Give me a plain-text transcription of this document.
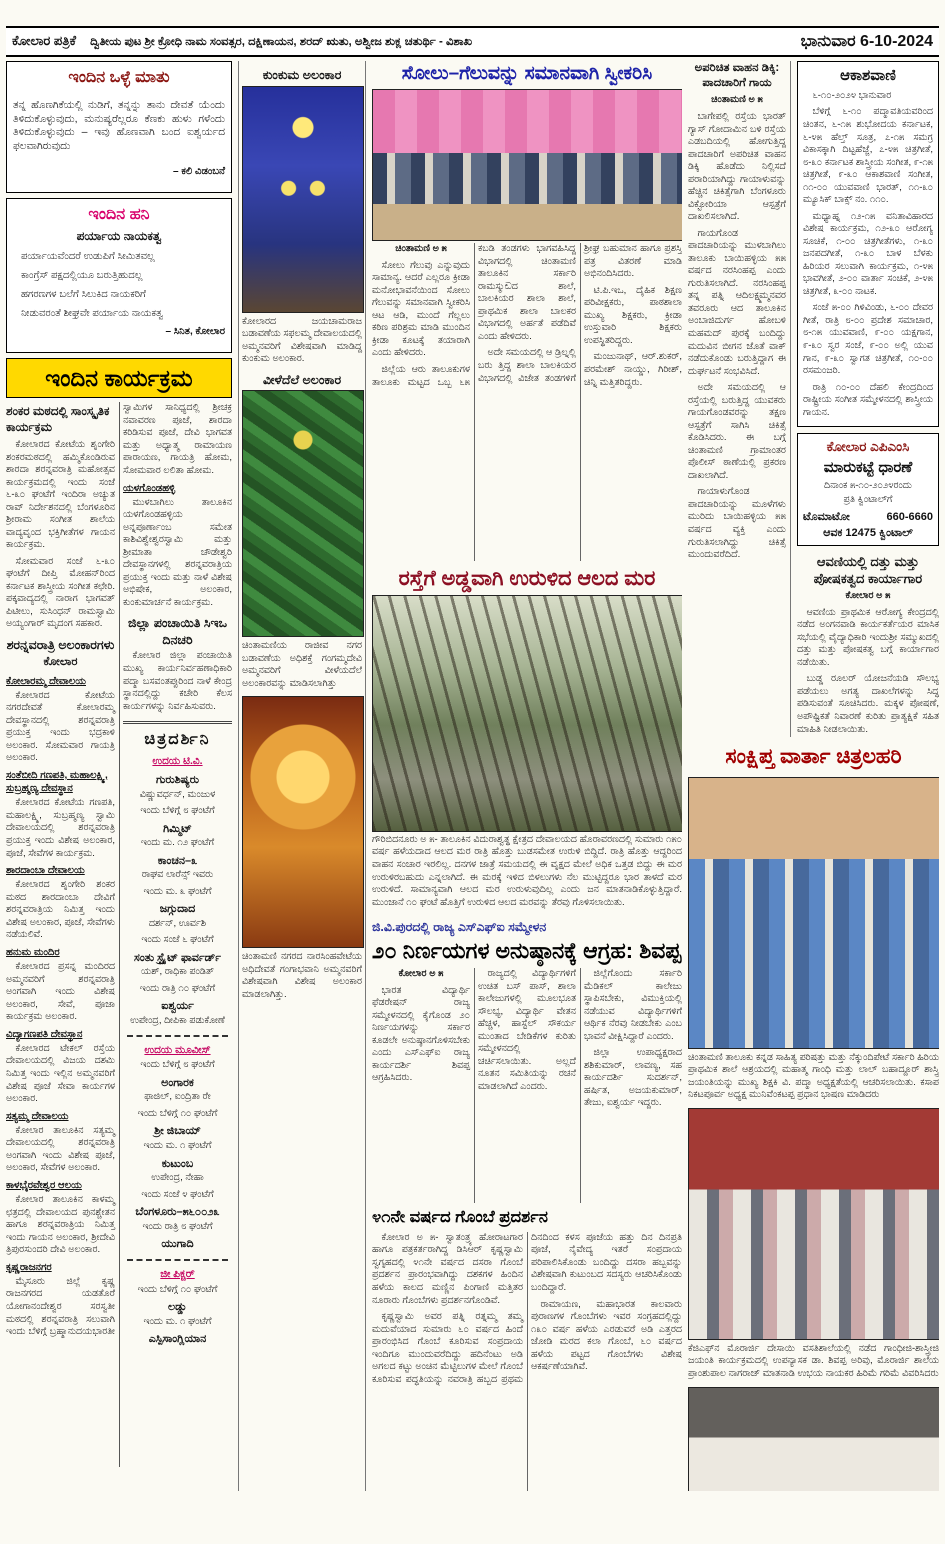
ಕೋಲಾರ ಪತ್ರಿಕೆ ದ್ವಿತೀಯ ಪುಟ ಶ್ರೀ ಕ್ರೋಧಿ ನಾಮ ಸಂವತ್ಸರ, ದಕ್ಷಿಣಾಯನ, ಶರದ್ ಋತು, ಅಶ್ವೀಜ ಶುಕ್ಲ ಚತುರ್ಥಿ - ವಿಶಾಖ	ಭಾನುವಾರ 6-10-2024
ಇಂದಿನ ಒಳ್ಳೆ ಮಾತು

ತನ್ನ ಹೊಣಗಿಕೆಯಲ್ಲಿ ನುಡಿಗೆ, ತನ್ನನ್ನು ತಾನು ದೇವತೆ ಯೆಂದು ತಿಳಿದುಕೊಳ್ಳುವುದು, ಮನುಷ್ಯರೆಲ್ಲರೂ ಕೆಣಕು ಹುಳು ಗಳೆಂದು ತಿಳಿದುಕೊಳ್ಳುವುದು – ಇವು ಹೊಣವಾಗಿ ಬಂದ ಐಶ್ವರ್ಯದ ಫಲವಾಗಿರುವುದು

– ಕಲಿ ವಿಡಂಬನೆ

ಇಂದಿನ ಹನಿ
ಪರ್ಯಾಯ ನಾಯಕತ್ವ
ಪರ್ಯಾಯವೆಂದರೆ ಉಡುಪಿಗೆ ಸೀಮಿತವಲ್ಲ
ಕಾಂಗ್ರೆಸ್ ಪಕ್ಷದಲ್ಲಿಯೂ ಬರುತ್ತಿಹುದಲ್ಲ
ಹಗರಣಗಳ ಬಲೆಗೆ ಸಿಲುಕಿದ ನಾಯಕರಿಗೆ
ನೀಡುವರಂತೆ ಶೀಘ್ರವೇ ಪರ್ಯಾಯ ನಾಯಕತ್ವ

– ಸಿನಿತ, ಕೋಲಾರ

ಇಂದಿನ ಕಾರ್ಯಕ್ರಮ
ಶಂಕರ ಮಠದಲ್ಲಿ ಸಾಂಸ್ಕೃತಿಕ ಕಾರ್ಯಕ್ರಮ
ಕೋಲಾರದ ಕೋಟೆಯ ಶೃಂಗೇರಿ ಶಂಕರಮಠದಲ್ಲಿ ಹಮ್ಮಿಕೊಂಡಿರುವ ಶಾರದಾ ಶರನ್ನವರಾತ್ರಿ ಮಹೋತ್ಸವ ಕಾರ್ಯಕ್ರಮದಲ್ಲಿ ಇಂದು ಸಂಜೆ ೬-೩೦ ಘಂಟೆಗೆ ಇಂದಿರಾ ಅಚ್ಯುತ ರಾವ್ ನಿರ್ದೇಶನದಲ್ಲಿ ಬೆಂಗಳೂರಿನ ಶ್ರೀರಾಮ ಸಂಗೀತ ಶಾಲೆಯ ವಾದ್ಯವೃಂದ ಭಕ್ತಿಗೀತೆಗಳ ಗಾಯನ ಕಾರ್ಯಕ್ರಮ.
ಸೋಮವಾರ ಸಂಜೆ ೬-೩೦ ಘಂಟೆಗೆ ದೀಪ್ತಿ ಮೋಹನ್‌ರಿಂದ ಕರ್ನಾಟಕ ಶಾಸ್ತ್ರೀಯ ಸಂಗೀತ ಕಛೇರಿ. ಪಕ್ಕವಾದ್ಯದಲ್ಲಿ ನಾರಾಗ ಭಾಗವತ್ ಪಿಟೀಲು, ಸುಸಿಂಧನ್ ರಾಮಸ್ವಾಮಿ ಅಯ್ಯಂಗಾರ್ ಮೃದಂಗ ಸಹಕಾರ.
ಶರನ್ನವರಾತ್ರಿ ಅಲಂಕಾರಗಳು
ಕೋಲಾರ
ಕೋಲಾರಮ್ಮ ದೇವಾಲಯ
ಕೋಲಾರದ ಕೋಟೆಯ ನಗರದೇವತೆ ಕೋಲಾರಮ್ಮ ದೇವಸ್ಥಾನದಲ್ಲಿ ಶರನ್ನವರಾತ್ರಿ ಪ್ರಯುಕ್ತ ಇಂದು ಭದ್ರಕಾಳಿ ಅಲಂಕಾರ. ಸೋಮವಾರ ಗಾಯತ್ರಿ ಅಲಂಕಾರ.
ಸಂತೆಬೀದಿ ಗಣಪತಿ, ಮಹಾಲಕ್ಷ್ಮಿ, ಸುಬ್ರಹ್ಮಣ್ಯ ದೇವಸ್ಥಾನ
ಕೋಲಾರದ ಕೋಟೆಯ ಗಣಪತಿ, ಮಹಾಲಕ್ಷ್ಮಿ, ಸುಬ್ರಹ್ಮಣ್ಯ ಸ್ವಾಮಿ ದೇವಾಲಯದಲ್ಲಿ ಶರನ್ನವರಾತ್ರಿ ಪ್ರಯುಕ್ತ ಇಂದು ವಿಶೇಷ ಅಲಂಕಾರ, ಪೂಜೆ, ಸೇವೆಗಳ ಕಾರ್ಯಕ್ರಮ.
ಶಾರದಾಂಬಾ ದೇವಾಲಯ
ಕೋಲಾರದ ಶೃಂಗೇರಿ ಶಂಕರ ಮಠದ ಶಾರದಾಂಬಾ ದೇವಿಗೆ ಶರನ್ನವರಾತ್ರಿಯ ನಿಮಿತ್ತ ಇಂದು ವಿಶೇಷ ಅಲಂಕಾರ, ಪೂಜೆ, ಸೇವೆಗಳು ನಡೆಯಲಿವೆ.
ಹನುಮ ಮಂದಿರ
ಕೋಲಾರದ ಪ್ರಸನ್ನ ಮಂದಿರದ ಅಮ್ಮನವರಿಗೆ ಶರನ್ನವರಾತ್ರಿ ಅಂಗವಾಗಿ ಇಂದು ವಿಶೇಷ ಅಲಂಕಾರ, ಸೇವೆ, ಪೂಜಾ ಕಾರ್ಯಕ್ರಮ ಅಲಂಕಾರ.
ವಿದ್ಯಾಗಣಪತಿ ದೇವಸ್ಥಾನ
ಕೋಲಾರದ ಟೇಕಲ್ ರಸ್ತೆಯ ದೇವಾಲಯದಲ್ಲಿ ವಿಜಯ ದಶಮಿ ನಿಮಿತ್ತ ಇಂದು ಇಲ್ಲಿನ ಅಮ್ಮನವರಿಗೆ ವಿಶೇಷ ಪೂಜೆ ಸೇವಾ ಕಾರ್ಯಗಳ ಅಲಂಕಾರ.
ಸತ್ಯಮ್ಮ ದೇವಾಲಯ
ಕೋಲಾರ ತಾಲೂಕಿನ ಸತ್ಯಮ್ಮ ದೇವಾಲಯದಲ್ಲಿ ಶರನ್ನವರಾತ್ರಿ ಅಂಗವಾಗಿ ಇಂದು ವಿಶೇಷ ಪೂಜೆ, ಅಲಂಕಾರ, ಸೇವೆಗಳ ಅಲಂಕಾರ.
ಕಾಳಭೈರವೇಶ್ವರ ಆಲಯ
ಕೋಲಾರ ತಾಲೂಕಿನ ಕಾಳಮ್ಮ ಛತ್ರದಲ್ಲಿ ದೇವಾಲಯದ ಪುನಶ್ಚೇತನ ಹಾಗೂ ಶರನ್ನವರಾತ್ರಿಯ ನಿಮಿತ್ತ ಇಂದು ಗಾಯನ ಅಲಂಕಾರ, ಶ್ರೀದೇವಿ ತ್ರಿಪುರಸುಂದರಿ ದೇವಿ ಅಲಂಕಾರ.
ಕೃಷ್ಣರಾಜನಗರ
ಮೈಸೂರು ಜಿಲ್ಲೆ ಕೃಷ್ಣ ರಾಜನಗರದ ಯಡತೊರೆ ಯೋಗಾನಂದೇಶ್ವರ ಸರಸ್ವತೀ ಮಠದಲ್ಲಿ ಶರನ್ನವರಾತ್ರಿ ಸಲುವಾಗಿ ಇಂದು ಬೆಳಿಗ್ಗೆ ಬ್ರಹ್ಮಾನುದಯಭಾರತೀ ಸ್ವಾಮಿಗಳ ಸಾನಿಧ್ಯದಲ್ಲಿ ಶ್ರೀಚಕ್ರ ನವಾವರಣ ಪೂಜೆ, ಶಾರದಾ ಕರಿಡಿಸುವ ಪೂಜೆ, ದೇವಿ ಭಾಗವತ ಮತ್ತು ಅಧ್ಯಾತ್ಮ ರಾಮಾಯಣ ಪಾರಾಯಣ, ಗಾಯತ್ರಿ ಹೋಮ, ಸೋಮವಾರ ಲಲಿತಾ ಹೋಮ.
ಯಳಗೊಂಡಹಳ್ಳಿ
ಮುಳಬಾಗಿಲು ತಾಲೂಕಿನ ಯಳಗೊಂಡಹಳ್ಳಿಯ ಅನ್ನಪೂರ್ಣಾಂಬ ಸಮೇತ ಕಾಶಿವಿಶ್ವೇಶ್ವರಸ್ವಾಮಿ ಮತ್ತು ಶ್ರೀಮಾತಾ ಚೌಡೇಶ್ವರಿ ದೇವಸ್ಥಾನಗಳಲ್ಲಿ ಶರನ್ನವರಾತ್ರಿಯ ಪ್ರಯುಕ್ತ ಇಂದು ಮತ್ತು ನಾಳೆ ವಿಶೇಷ ಅಭಿಷೇಕ, ಅಲಂಕಾರ, ಕುಂಕುಮಾರ್ಚನೆ ಕಾರ್ಯಕ್ರಮ.
ಜಿಲ್ಲಾ ಪಂಚಾಯಿತಿ ಸಿಇಒ ದಿನಚರಿ
ಕೋಲಾರ ಜಿಲ್ಲಾ ಪಂಚಾಯಿತಿ ಮುಖ್ಯ ಕಾರ್ಯನಿರ್ವಹಣಾಧಿಕಾರಿ ಪದ್ಮಾ ಬಸವಂತಪ್ಪುರಿಂದ ನಾಳೆ ಕೇಂದ್ರ ಸ್ಥಾನದಲ್ಲಿದ್ದು ಕಚೇರಿ ಕೆಲಸ ಕಾರ್ಯಗಳನ್ನು ನಿರ್ವಹಿಸುವರು.
ಚಿತ್ರದರ್ಶಿನಿ
ಉದಯ ಟಿ.ವಿ.
ಗುರುಶಿಷ್ಯರು
ವಿಷ್ಣುವರ್ಧನ್, ಮಂಜುಳ
ಇಂದು ಬೆಳಿಗ್ಗೆ ೮ ಘಂಟೆಗೆ
ಗಿಮ್ಮಿಟ್
ಇಂದು ಮ. ೧೨ ಘಂಟೆಗೆ
ಕಾಂಚನ–೩
ರಾಘವ ಲಾರೆನ್ಸ್ ಇವರು
ಇಂದು ಮ. ೩ ಘಂಟೆಗೆ
ಜಗ್ಗುದಾದ
ದರ್ಶನ್, ಊರ್ವಶಿ
ಇಂದು ಸಂಜೆ ೬ ಘಂಟೆಗೆ
ಸಂತು ಸ್ಟ್ರೈಟ್ ಫಾರ್ವರ್ಡ್
ಯಶ್, ರಾಧಿಕಾ ಪಂಡಿತ್
ಇಂದು ರಾತ್ರಿ ೧೦ ಘಂಟೆಗೆ
ಐಶ್ವರ್ಯ
ಉಪೇಂದ್ರ, ದೀಪಿಕಾ ಪಡುಕೋಣೆ
ಉದಯ ಮೂವೀಸ್
ಇಂದು ಬೆಳಿಗ್ಗೆ ೮ ಘಂಟೆಗೆ
ಅಂಗಾರಕ
ಫಾಜಿಲ್, ಐಂದ್ರಿತಾ ರೇ
ಇಂದು ಬೆಳಿಗ್ಗೆ ೧೦ ಘಂಟೆಗೆ
ಶ್ರೀ ಜಿಬಾಯ್
ಇಂದು ಮ. ೧ ಘಂಟೆಗೆ
ಕುಟುಂಬ
ಉಪೇಂದ್ರ, ನೇಹಾ
ಇಂದು ಸಂಜೆ ೪ ಘಂಟೆಗೆ
ಬೆಂಗಳೂರು–೫೬೦೦೨೩
ಇಂದು ರಾತ್ರಿ ೮ ಘಂಟೆಗೆ
ಯುಗಾದಿ
ಜೀ ಪಿಕ್ಚರ್
ಇಂದು ಬೆಳಿಗ್ಗೆ ೧೦ ಘಂಟೆಗೆ
ಲಡ್ಡು
ಇಂದು ಮ. ೧ ಘಂಟೆಗೆ
ಎಸ್ಪಿಸಾಂಗ್ಲಿಯಾನ
ಕುಂಕುಮ ಅಲಂಕಾರ
ಕೋಲಾರದ ಜಯಚಾಮರಾಜ ಬಡಾವಣೆಯ ಸಫಲಮ್ಮ ದೇವಾಲಯದಲ್ಲಿ ಅಮ್ಮನವರಿಗೆ ವಿಶೇಷವಾಗಿ ಮಾಡಿದ್ದ ಕುಂಕುಮ ಅಲಂಕಾರ.
ವೀಳೆದೆಲೆ ಅಲಂಕಾರ
ಚಿಂತಾಮಣಿಯ ರಾಜೀವ ನಗರ ಬಡಾವಣೆಯ ಅಧಿಶಕ್ತೆ ಗಂಗಮ್ಮದೇವಿ ಅಮ್ಮನವರಿಗೆ ವೀಳೆಯದೆಲೆ ಅಲಂಕಾರವನ್ನು ಮಾಡಿಸಲಾಗಿತ್ತು
ಚಿಂತಾಮಣಿ ನಗರದ ನಾರಸಿಂಹವೇಟೆಯ ಅಧಿದೇವತೆ ಗಂಗಾಭವಾನಿ ಅಮ್ಮನವರಿಗೆ ವಿಶೇಷವಾಗಿ ವಿಶೇಷ ಅಲಂಕಾರ ಮಾಡಲಾಗಿತ್ತು.
ಸೋಲು–ಗೆಲುವನ್ನು ಸಮಾನವಾಗಿ ಸ್ವೀಕರಿಸಿ
ಚಿಂತಾಮಣಿ ಅ ೫
ಸೋಲು ಗೆಲುವು ಎನ್ನುವುದು ಸಾಮಾನ್ಯ. ಆದರೆ ಎಲ್ಲರೂ ಕ್ರೀಡಾ ಮನೋಭಾವನೆಯಿಂದ ಸೋಲು ಗೆಲುವನ್ನು ಸಮಾನವಾಗಿ ಸ್ವೀಕರಿಸಿ ಆಟ ಆಡಿ, ಮುಂದೆ ಗೆಲ್ಲಲು ಕಠಿಣ ಪರಿಶ್ರಮ ಮಾಡಿ ಮುಂದಿನ ಕ್ರೀಡಾ ಕೂಟಕ್ಕೆ ತಯಾರಾಗಿ ಎಂದು ಹೇಳಿದರು.
ಜಿಲ್ಲೆಯ ಆರು ತಾಲೂಕುಗಳ ತಾಲೂಕು ಮಟ್ಟದ ಒಬ್ಬ ೬೫ ಕಬಡಿ ತಂಡಗಳು ಭಾಗವಹಿಸಿದ್ದ ವಿಭಾಗದಲ್ಲಿ ಚಿಂತಾಮಣಿ ತಾಲೂಕಿನ ಸರ್ಕಾರಿ ರಾಮಸ್ಮುඩದ ಶಾಲೆ, ಬಾಲಕಿಯರ ಶಾಲಾ ಶಾಲೆ, ಪ್ರಾಥಮಿಕ ಶಾಲಾ ಬಾಲಕರ ವಿಭಾಗದಲ್ಲಿ ಅರ್ಹತೆ ಪಡೆದಿವೆ ಎಂದು ಹೇಳಿದರು.
ಅದೇ ಸಮಯದಲ್ಲಿ ಆ ಡ್ರಿಲ್ನಲ್ಲಿ ಬರು ತ್ತಿದ್ದ ಶಾಲಾ ಬಾಲಕಿಯರ ವಿಭಾಗದಲ್ಲಿ ವಿಜೇತ ತಂಡಗಳಿಗೆ ಶ್ರೀಘ್ರ ಬಹುಮಾನ ಹಾಗೂ ಪ್ರಶಸ್ತಿ ಪತ್ರ ವಿತರಣೆ ಮಾಡಿ ಅಭಿನಂದಿಸಿದರು.
ಟಿ.ಪಿ.ಇಒ, ದೈಹಿಕ ಶಿಕ್ಷಣ ಪರಿವೀಕ್ಷಕರು, ಪಾಠಶಾಲಾ ಮುಖ್ಯ ಶಿಕ್ಷಕರು, ಕ್ರೀಡಾ ಉಸ್ತುವಾರಿ ಶಿಕ್ಷಕರು ಉಪಸ್ಥಿತರಿದ್ದರು.
ಮಂಜುನಾಥ್, ಆರ್.ಶುಕರ್, ಪರಮೇಶ್ ನಾಯ್ಡು, ಗಿರೀಶ್, ಚಿನ್ನಿ ಮತ್ತಿತರಿದ್ದರು.
ರಸ್ತೆಗೆ ಅಡ್ಡವಾಗಿ ಉರುಳಿದ ಆಲದ ಮರ

ಗೌರಿಬಿದನೂರು ಅ ೫- ತಾಲೂಕಿನ ವಿದುರಾಶ್ವತ್ಥ ಕ್ಷೇತ್ರದ ದೇವಾಲಯದ ಹೊರಾವರಣದಲ್ಲಿ ಸುಮಾರು ೧೫೦ ವರ್ಷ ಹಳೆಯದಾದ ಆಲದ ಮರ ರಾತ್ರಿ ಹೊತ್ತು ಬುಡಸಮೇತ ಉರುಳಿ ಬಿದ್ದಿದೆ. ರಾತ್ರಿ ಹೊತ್ತು ಆದ್ದರಿಂದ ವಾಹನ ಸಂಚಾರ ಇರಲಿಲ್ಲ. ದನಗಳ ಜಾತ್ರೆ ಸಮಯದಲ್ಲಿ ಈ ವೃಕ್ಷದ ಮೇಲೆ ಅಧಿಕ ಒತ್ತಡ ಬಿದ್ದು ಈ ಮರ ಉರುಳಿರಬಹುದು ಎನ್ನಲಾಗಿದೆ. ಈ ಮರಕ್ಕೆ ಇಳಿದ ಬಿಳಲುಗಳು ನೆಲ ಮುಟ್ಟಿದ್ದರೂ ಭಾರ ತಾಳದೆ ಮರ ಉರುಳಿದೆ. ಸಾಮಾನ್ಯವಾಗಿ ಆಲದ ಮರ ಉರುಳುವುದಿಲ್ಲ ಎಂದು ಜನ ಮಾತನಾಡಿಕೊಳ್ಳುತ್ತಿದ್ದಾರೆ. ಮುಂಜಾನೆ ೧೦ ಘಂಟೆ ಹೊತ್ತಿಗೆ ಉರುಳಿದ ಆಲದ ಮರವನ್ನು ತೆರವು ಗೊಳಿಸಲಾಯಿತು.

ಜಿ.ವಿ.ಪುರದಲ್ಲಿ ರಾಜ್ಯ ಎಸ್‌ಎಫ್‌ಐ ಸಮ್ಮೇಳನ
೨೦ ನಿರ್ಣಯಗಳ ಅನುಷ್ಠಾನಕ್ಕೆ ಆಗ್ರಹ: ಶಿವಪ್ಪ
ಕೋಲಾರ ಅ ೫
ಭಾರತ ವಿದ್ಯಾರ್ಥಿ ಫೆಡರೇಷನ್ ರಾಜ್ಯ ಸಮ್ಮೇಳನದಲ್ಲಿ ಕೈಗೊಂಡ ೨೦ ನಿರ್ಣಯಗಳನ್ನು ಸರ್ಕಾರ ಕೂಡಲೇ ಅನುಷ್ಠಾನಗೊಳಿಸಬೇಕು ಎಂದು ಎಸ್‌ಎಫ್‌ಐ ರಾಜ್ಯ ಕಾರ್ಯದರ್ಶಿ ಶಿವಪ್ಪ ಆಗ್ರಹಿಸಿದರು.
ರಾಜ್ಯದಲ್ಲಿ ವಿದ್ಯಾರ್ಥಿಗಳಿಗೆ ಉಚಿತ ಬಸ್ ಪಾಸ್, ಶಾಲಾ ಕಾಲೇಜುಗಳಲ್ಲಿ ಮೂಲಭೂತ ಸೌಲಭ್ಯ, ವಿದ್ಯಾರ್ಥಿ ವೇತನ ಹೆಚ್ಚಳ, ಹಾಸ್ಟೆಲ್ ಸೌಕರ್ಯ ಮುಂತಾದ ಬೇಡಿಕೆಗಳ ಕುರಿತು ಸಮ್ಮೇಳನದಲ್ಲಿ ಚರ್ಚಿಸಲಾಯಿತು. ಅಲ್ಲದೆ ನೂತನ ಸಮಿತಿಯನ್ನು ರಚನೆ ಮಾಡಲಾಗಿದೆ ಎಂದರು.
ಜಿಲ್ಲೆಗೊಂದು ಸರ್ಕಾರಿ ಮೆಡಿಕಲ್ ಕಾಲೇಜು ಸ್ಥಾಪಿಸಬೇಕು, ವಿಮುಕ್ತಿಯಲ್ಲಿ ನಡೆಯುವ ವಿದ್ಯಾರ್ಥಿಗಳಿಗೆ ಆರ್ಥಿಕ ನೆರವು ನೀಡಬೇಕು ಎಂಬ ಭಾವನೆ ವೀಕ್ಷಿಸಿದ್ದಾರೆ ಎಂದರು.
ಜಿಲ್ಲಾ ಉಪಾಧ್ಯಕ್ಷರಾದ ಶಶಿಕುಮಾರ್, ಲಾವಣ್ಯ, ಸಹ ಕಾರ್ಯದರ್ಶಿ ಸುದರ್ಶನ್, ಹರ್ಷಿತ, ಅಜಯಕುಮಾರ್, ತೇಜು, ಐಶ್ವರ್ಯ ಇದ್ದರು.
೪೧ನೇ ವರ್ಷದ ಗೊಂಬೆ ಪ್ರದರ್ಶನ
ಕೋಲಾರ ಅ ೫- ಸ್ವಾತಂತ್ರ್ಯ ಹೋರಾಟಗಾರ ಹಾಗೂ ಪತ್ರಕರ್ತರಾಗಿದ್ದ ಡಿಸಿಆರ್ ಕೃಷ್ಣಸ್ವಾಮಿ ಸ್ವಗೃಹದಲ್ಲಿ ೪೧ನೇ ವರ್ಷದ ದಸರಾ ಗೊಂಬೆ ಪ್ರದರ್ಶನ ಪ್ರಾರಂಭವಾಗಿದ್ದು ದಶಕಗಳ ಹಿಂದಿನ ಹಳೆಯ ಕಾಲದ ಮಣ್ಣಿನ ಪಿಂಗಾಣಿ ಮತ್ತಿತರ ನೂರಾರು ಗೊಂಬೆಗಳು ಪ್ರದರ್ಶನಗೊಂಡಿವೆ.
ಕೃಷ್ಣಸ್ವಾಮಿ ಅವರ ಪತ್ನಿ ರತ್ನಮ್ಮ ತಮ್ಮ ಮದುವೆಯಾದ ಸುಮಾರು ೬೦ ವರ್ಷದ ಹಿಂದೆ ಪ್ರಾರಂಭಿಸಿದ ಗೊಂಬೆ ಕೂರಿಸುವ ಸಂಪ್ರದಾಯ ಇಂದಿಗೂ ಮುಂದುವರೆದಿದ್ದು ಹದಿನೆಂಟು ಅಡಿ ಅಗಲದ ಕಟ್ಟು ಅಂಚಿನ ಮೆಟ್ಟಿಲುಗಳ ಮೇಲೆ ಗೊಂಬೆ ಕೂರಿಸುವ ಪದ್ಧತಿಯನ್ನು ನವರಾತ್ರಿ ಹಬ್ಬದ ಪ್ರಥಮ ದಿನದಿಂದ ಕಳಸ ಪೂಜೆಯ ಹತ್ತು ದಿನ ದಿನಪ್ರತಿ ಪೂಜೆ, ನೈವೇದ್ಯ ಇತರೆ ಸಂಪ್ರದಾಯ ಪರಿಪಾಲಿಸಿಕೊಂಡು ಬಂದಿದ್ದು ದಸರಾ ಹಬ್ಬವನ್ನು ವಿಶೇಷವಾಗಿ ಕುಟುಂಬದ ಸದಸ್ಯರು ಆಚರಿಸಿಕೊಂಡು ಬಂದಿದ್ದಾರೆ.
ರಾಮಾಯಣ, ಮಹಾಭಾರತ ಕಾಲವಾರು ಪುರಾಣಗಳ ಗೊಂಬೆಗಳು ಇವರ ಸಂಗ್ರಹದಲ್ಲಿದ್ದು ೧೩೦ ವರ್ಷ ಹಳೆಯ ಎರಡುವರೆ ಅಡಿ ಎತ್ತರದ ಜೋಡಿ ಮರದ ಕಲಾ ಗೊಂಬೆ, ೬೦ ವರ್ಷದ ಹಳೆಯ ಪಟ್ಟದ ಗೊಂಬೆಗಳು ವಿಶೇಷ ಆಕರ್ಷಣೆಯಾಗಿವೆ.
ಅಪರಿಚಿತ ವಾಹನ ಡಿಕ್ಕಿ: ಪಾದಚಾರಿಗೆ ಗಾಯ
ಚಿಂತಾಮಣಿ ಅ ೫
ಬಾಗೇಪಲ್ಲಿ ರಸ್ತೆಯ ಭಾರತ್ ಗ್ಯಾಸ್ ಗೋದಾಮಿನ ಬಳಿ ರಸ್ತೆಯ ಎಡಬದಿಯಲ್ಲಿ ಹೋಗುತ್ತಿದ್ದ ಪಾದಚಾರಿಗೆ ಅಪರಿಚಿತ ವಾಹನ ಡಿಕ್ಕಿ ಹೊಡೆದು ನಿಲ್ಲಿಸದೆ ಪರಾರಿಯಾಗಿದ್ದು ಗಾಯಾಳುವನ್ನು ಹೆಚ್ಚಿನ ಚಿಕಿತ್ಸೆಗಾಗಿ ಬೆಂಗಳೂರು ವಿಕ್ಟೋರಿಯಾ ಆಸ್ಪತ್ರೆಗೆ ದಾಖಲಿಸಲಾಗಿದೆ.
ಗಾಯಗೊಂಡ ಪಾದಚಾರಿಯನ್ನು ಮುಳಬಾಗಿಲು ತಾಲೂಕು ಬಾಯಿಹಳ್ಳಿಯ ೫೫ ವರ್ಷದ ನರಸಿಂಹಪ್ಪ ಎಂದು ಗುರುತಿಸಲಾಗಿದೆ. ನರಸಿಂಹಪ್ಪ ತನ್ನ ಪತ್ನಿ ಆದಿಲಕ್ಷ್ಮಮ್ಮನವರ ತವರೂರು ಆದ ತಾಲೂಕಿನ ಅಂಬಾಜಿದುರ್ಗ ಹೋಬಳಿ ಮಹಮದ್ ಪುರಕ್ಕೆ ಬಂದಿದ್ದು ಮದುವಿನ ಬೀಗನ ಜೊತೆ ವಾಕ್ ನಡೆದುಕೊಂಡು ಬರುತ್ತಿದ್ದಾಗ ಈ ದುರ್ಘಟನೆ ಸಂಭವಿಸಿದೆ.
ಅದೇ ಸಮಯದಲ್ಲಿ ಆ ರಸ್ತೆಯಲ್ಲಿ ಬರುತ್ತಿದ್ದ ಯುವಕರು ಗಾಯಗೊಂಡವರನ್ನು ತಕ್ಷಣ ಆಸ್ಪತ್ರೆಗೆ ಸಾಗಿಸಿ ಚಿಕಿತ್ಸೆ ಕೊಡಿಸಿದರು. ಈ ಬಗ್ಗೆ ಚಿಂತಾಮಣಿ ಗ್ರಾಮಾಂತರ ಪೊಲೀಸ್ ಠಾಣೆಯಲ್ಲಿ ಪ್ರಕರಣ ದಾಖಲಾಗಿದೆ.
ಗಾಯಾಳುಗೊಂಡ ಪಾದಚಾರಿಯನ್ನು ಮೂಳೆಗಳು ಮುರಿದು ಬಾಯಿಹಳ್ಳಿಯ ೫೫ ವರ್ಷದ ವ್ಯಕ್ತಿ ಎಂದು ಗುರುತಿಸಲಾಗಿದ್ದು ಚಿಕಿತ್ಸೆ ಮುಂದುವರೆದಿದೆ.
ಆಕಾಶವಾಣಿ
೬-೧೦-೨೦೨೪ ಭಾನುವಾರ
ಬೆಳಿಗ್ಗೆ ೬-೧೦ ಪದ್ಮಾವತಿಯವರಿಂದ ಚಿಂತನ, ೬-೧೫ ಶುಭೋದಯ ಕರ್ನಾಟಕ, ೬-೪೫ ಹೆಲ್ತ್ ಸೂತ್ರ, ೭-೧೫ ಸಮಗ್ರ ವಿಕಾಸಕ್ಕಾಗಿ ದಿಟ್ಟಹೆಜ್ಜೆ, ೭-೪೫ ಚಿತ್ರಗೀತೆ, ೮-೩೦ ಕರ್ನಾಟಕ ಶಾಸ್ತ್ರೀಯ ಸಂಗೀತ, ೯-೧೫ ಚಿತ್ರಗೀತೆ, ೯-೩೦ ಆಕಾಶವಾಣಿ ಸಂಗೀತ, ೧೧-೦೦ ಯುವವಾಣಿ ಭಾರತ್, ೧೧-೩೦ ಮ್ಯೂಸಿಕ್ ಬಾಕ್ಸ್ ನಂ. ೧೧೦.
ಮಧ್ಯಾಹ್ನ ೧೨-೧೫ ವನಿತಾವಿಹಾರದ ವಿಶೇಷ ಕಾರ್ಯಕ್ರಮ, ೧೨-೩೦ ಆರೋಗ್ಯ ಸೂಚಿಕೆ, ೧-೦೦ ಚಿತ್ರಗೀತೆಗಳು, ೧-೩೦ ಜನಪದಗೀತೆ, ೧-೩೦ ಬಾಳ ಬೆಳಕು ಹಿರಿಯರ ಸಲುವಾಗಿ ಕಾರ್ಯಕ್ರಮ, ೧-೪೫ ಭಾವಗೀತೆ, ೨-೦೦ ವಾರ್ತಾ ಸಂಚಿಕೆ, ೨-೪೫ ಚಿತ್ರಗೀತೆ, ೩-೦೦ ನಾಟಕ.
ಸಂಜೆ ೫-೦೦ ಗಿಳಿವಿಂಡು, ೬-೦೦ ದೇವರ ಗೀತೆ, ರಾತ್ರಿ ೮-೦೦ ಪ್ರದೇಶ ಸಮಾಚಾರ, ೮-೧೫ ಯುವವಾಣಿ, ೯-೦೦ ಯಕ್ಷಗಾನ, ೯-೩೦ ಸ್ವರ ಸಂಜೆ, ೯-೦೦ ಅಲ್ಲಿ ಯುವ ಗಾನ, ೯-೩೦ ಸ್ವಾಗತ ಚಿತ್ರಗೀತೆ, ೧೦-೦೦ ರಸಮಂಜರಿ.
ರಾತ್ರಿ ೧೦-೦೦ ದೆಹಲಿ ಕೇಂದ್ರದಿಂದ ರಾಷ್ಟ್ರೀಯ ಸಂಗೀತ ಸಮ್ಮೇಳನದಲ್ಲಿ ಶಾಸ್ತ್ರೀಯ ಗಾಯನ.
ಕೋಲಾರ ಎಪಿಎಂಸಿ
ಮಾರುಕಟ್ಟೆ ಧಾರಣೆ
ದಿನಾಂಕ ೫-೧೦-೨೦೨೪ರಂದು
ಪ್ರತಿ ಕ್ವಿಂಟಾಲ್‌ಗೆ
ಟೊಮಾಟೋ	660-6660
ಆವಕ 12475 ಕ್ವಿಂಟಾಲ್
ಆವಣಿಯಲ್ಲಿ ದತ್ತು ಮತ್ತು ಪೋಷಕತ್ವದ ಕಾರ್ಯಾಗಾರ
ಕೋಲಾರ ಅ ೫
ಆವಣಿಯ ಪ್ರಾಥಮಿಕ ಆರೋಗ್ಯ ಕೇಂದ್ರದಲ್ಲಿ ನಡೆದ ಅಂಗನವಾಡಿ ಕಾರ್ಯಕರ್ತೆಯರ ಮಾಸಿಕ ಸಭೆಯಲ್ಲಿ ವೈದ್ಯಾಧಿಕಾರಿ ಇಂದುಶ್ರೀ ಸಮ್ಮುಖದಲ್ಲಿ ದತ್ತು ಮತ್ತು ಪೋಷಕತ್ವ ಬಗ್ಗೆ ಕಾರ್ಯಾಗಾರ ನಡೆಯಿತು.
ಬುಡ್ಡ ರೂಲರ್ ಯೋಜನೆಯಡಿ ಸೌಲಭ್ಯ ಪಡೆಯಲು ಅಗತ್ಯ ದಾಖಲೆಗಳನ್ನು ಸಿದ್ಧ ಪಡಿಸುವಂತೆ ಸೂಚಿಸಿದರು. ಮಕ್ಕಳ ಪೋಷಣೆ, ಅಪೌಷ್ಟಿಕತೆ ನಿವಾರಣೆ ಕುರಿತು ಪ್ರಾತ್ಯಕ್ಷಿಕೆ ಸಹಿತ ಮಾಹಿತಿ ನೀಡಲಾಯಿತು.
ಸಂಕ್ಷಿಪ್ತ ವಾರ್ತಾ ಚಿತ್ರಲಹರಿ
ಚಿಂತಾಮಣಿ ತಾಲೂಕು ಕನ್ನಡ ಸಾಹಿತ್ಯ ಪರಿಷತ್ತು ಮತ್ತು ನೆಕ್ಕುಂದಿಪೇಟೆ ಸರ್ಕಾರಿ ಹಿರಿಯ ಪ್ರಾಥಮಿಕ ಶಾಲೆ ಆಶ್ರಯದಲ್ಲಿ ಮಹಾತ್ಮ ಗಾಂಧಿ ಮತ್ತು ಲಾಲ್ ಬಹಾದ್ದೂರ್ ಶಾಸ್ತ್ರಿ ಜಯಂತಿಯನ್ನು ಮುಖ್ಯ ಶಿಕ್ಷಕಿ ವಿ. ಪದ್ಮಾ ಅಧ್ಯಕ್ಷತೆಯಲ್ಲಿ ಆಚರಿಸಲಾಯಿತು. ಕಸಾಪ ನಿಕಟಪೂರ್ವ ಅಧ್ಯಕ್ಷ ಮುನಿವೆಂಕಟಪ್ಪ ಪ್ರಧಾನ ಭಾಷಣ ಮಾಡಿದರು
ಕೆಜಿಎಫ್‌ನ ಮೊರಾರ್ಜಿ ದೇಸಾಯಿ ವಸತಿಶಾಲೆಯಲ್ಲಿ ನಡೆದ ಗಾಂಧೀಜಿ-ಶಾಸ್ತ್ರೀಜಿ ಜಯಂತಿ ಕಾರ್ಯಕ್ರಮದಲ್ಲಿ ಉಪನ್ಯಾಸಕ ಡಾ. ಶಿವಪ್ಪ ಅರಿವು, ಮೊರಾರ್ಜಿ ಶಾಲೆಯ ಪ್ರಾಂಶುಪಾಲ ನಾಗರಾಜ್ ಮಾತನಾಡಿ ಉಭಯ ನಾಯಕರ ಹಿರಿಮೆ ಗರಿಮೆ ವಿವರಿಸಿದರು
